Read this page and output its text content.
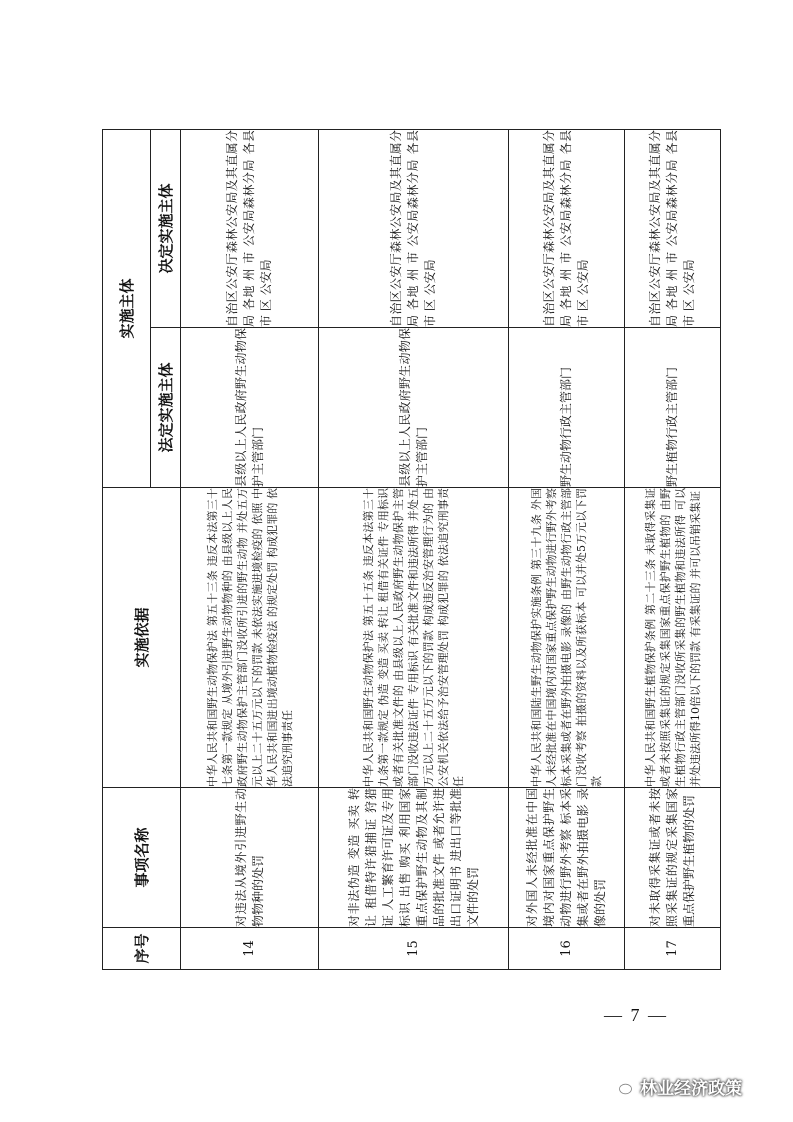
序号	事项名称	实施依据	实施主体	
			法定实施主体	决定实施主体
14	对违法从境外引进野生动物物种的处罚	中华人民共和国野生动物保护法 第五十三条 违反本法第三十七条第一款规定 从境外引进野生动物物种的 由县级以上人民政府野生动物保护主管部门没收所引进的野生动物 并处五万元以上二十五万元以下的罚款 未依法实施进境检疫的 依照 中华人民共和国进出境动植物检疫法 的规定处罚 构成犯罪的 依法追究刑事责任	县级以上人民政府野生动物保护主管部门	自治区公安厅森林公安局及其直属分局 各地 州 市 公安局森林分局 各县 市 区 公安局
15	对非法伪造 变造 买卖 转让 租借特许猎捕证 狩猎证 人工繁育许可证及专用标识 出售 购买 利用国家重点保护野生动物及其制品的批准文件 或者允许进出口证明书 进出口等批准文件的处罚	中华人民共和国野生动物保护法 第五十五条 违反本法第三十九条第一款规定 伪造 变造 买卖 转让 租借有关证件 专用标识或者有关批准文件的 由县级以上人民政府野生动物保护主管部门没收违法证件 专用标识 有关批准文件和违法所得 并处五万元以上二十五万元以下的罚款 构成违反治安管理行为的 由公安机关依法给予治安管理处罚 构成犯罪的 依法追究刑事责任	县级以上人民政府野生动物保护主管部门	自治区公安厅森林公安局及其直属分局 各地 州 市 公安局森林分局 各县 市 区 公安局
16	对外国人未经批准在中国境内对国家重点保护野生动物进行野外考察 标本采集或者在野外拍摄电影 录像的处罚	中华人民共和国陆生野生动物保护实施条例 第三十九条 外国人未经批准在中国境内对国家重点保护野生动物进行野外考察 标本采集或者在野外拍摄电影 录像的 由野生动物行政主管部门没收考察 拍摄的资料以及所获标本 可以并处5万元以下罚款	野生动物行政主管部门	自治区公安厅森林公安局及其直属分局 各地 州 市 公安局森林分局 各县 市 区 公安局
17	对未取得采集证或者未按照采集证的规定采集国家重点保护野生植物的处罚	中华人民共和国野生植物保护条例 第二十三条 未取得采集证或者未按照采集证的规定采集国家重点保护野生植物的 由野生植物行政主管部门没收所采集的野生植物和违法所得 可以并处违法所得10倍以下的罚款 有采集证的 并可以吊销采集证	野生植物行政主管部门	自治区公安厅森林公安局及其直属分局 各地 州 市 公安局森林分局 各县 市 区 公安局
— 7 —
林业经济政策
